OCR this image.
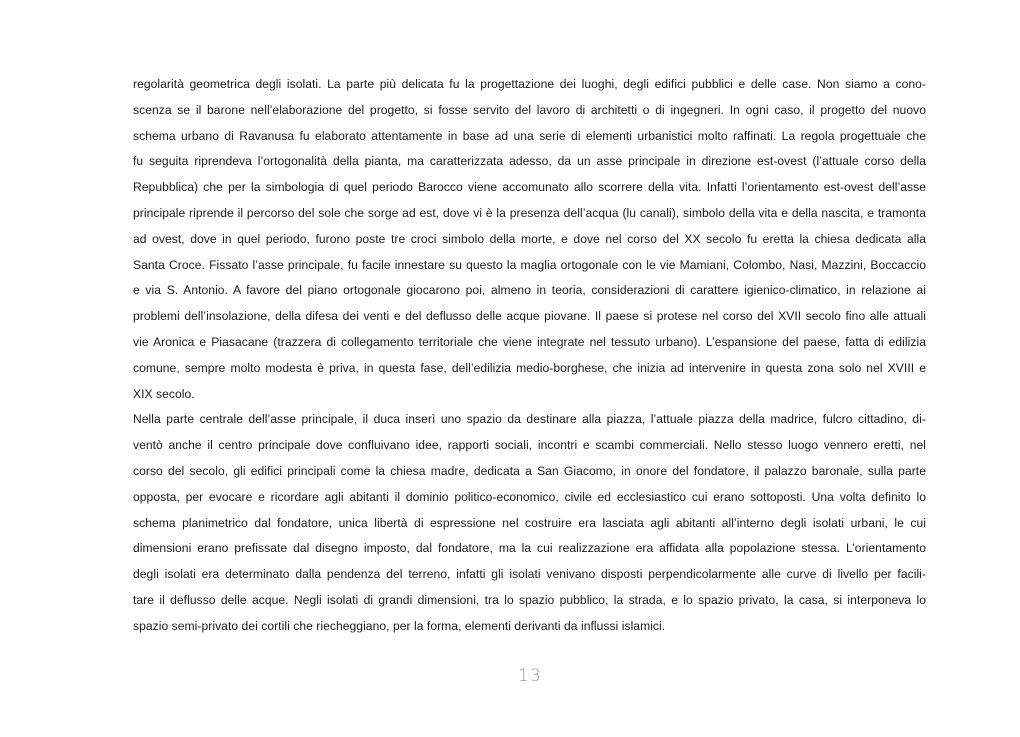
regolarità geometrica degli isolati. La parte più delicata fu la progettazione dei luoghi, degli edifici pubblici e delle case. Non siamo a cono-
scenza se il barone nell’elaborazione del progetto, si fosse servito del lavoro di architetti o di ingegneri. In ogni caso, il progetto del nuovo
schema urbano di Ravanusa fu elaborato attentamente in base ad una serie di elementi urbanistici molto raffinati. La regola progettuale che
fu seguita riprendeva l’ortogonalità della pianta, ma caratterizzata adesso, da un asse principale in direzione est-ovest (l’attuale corso della
Repubblica) che per la simbologia di quel periodo Barocco viene accomunato allo scorrere della vita. Infatti l’orientamento est-ovest dell’asse
principale riprende il percorso del sole che sorge ad est, dove vi è la presenza dell’acqua (lu canali), simbolo della vita e della nascita, e tramonta
ad ovest, dove in quel periodo, furono poste tre croci simbolo della morte, e dove nel corso del XX secolo fu eretta la chiesa dedicata alla
Santa Croce. Fissato l’asse principale, fu facile innestare su questo la maglia ortogonale con le vie Mamiani, Colombo, Nasi, Mazzini, Boccaccio
e via S. Antonio. A favore del piano ortogonale giocarono poi, almeno in teoria, considerazioni di carattere igienico-climatico, in relazione ai
problemi dell’insolazione, della difesa dei venti e del deflusso delle acque piovane. Il paese si protese nel corso del XVII secolo fino alle attuali
vie Aronica e Piasacane (trazzera di collegamento territoriale che viene integrate nel tessuto urbano). L’espansione del paese, fatta di edilizia
comune, sempre molto modesta è priva, in questa fase, dell’edilizia medio-borghese, che inizia ad intervenire in questa zona solo nel XVIII e
XIX secolo.
Nella parte centrale dell’asse principale, il duca inserì uno spazio da destinare alla piazza, l’attuale piazza della madrice, fulcro cittadino, di-
ventò anche il centro principale dove confluivano idee, rapporti sociali, incontri e scambi commerciali. Nello stesso luogo vennero eretti, nel
corso del secolo, gli edifici principali come la chiesa madre, dedicata a San Giacomo, in onore del fondatore, il palazzo baronale, sulla parte
opposta, per evocare e ricordare agli abitanti il dominio politico-economico, civile ed ecclesiastico cui erano sottoposti. Una volta definito lo
schema planimetrico dal fondatore, unica libertà di espressione nel costruire era lasciata agli abitanti all’interno degli isolati urbani, le cui
dimensioni erano prefissate dal disegno imposto, dal fondatore, ma la cui realizzazione era affidata alla popolazione stessa. L’orientamento
degli isolati era determinato dalla pendenza del terreno, infatti gli isolati venivano disposti perpendicolarmente alle curve di livello per facili-
tare il deflusso delle acque. Negli isolati di grandi dimensioni, tra lo spazio pubblico, la strada, e lo spazio privato, la casa, si interponeva lo
spazio semi-privato dei cortili che riecheggiano, per la forma, elementi derivanti da influssi islamici.
13
